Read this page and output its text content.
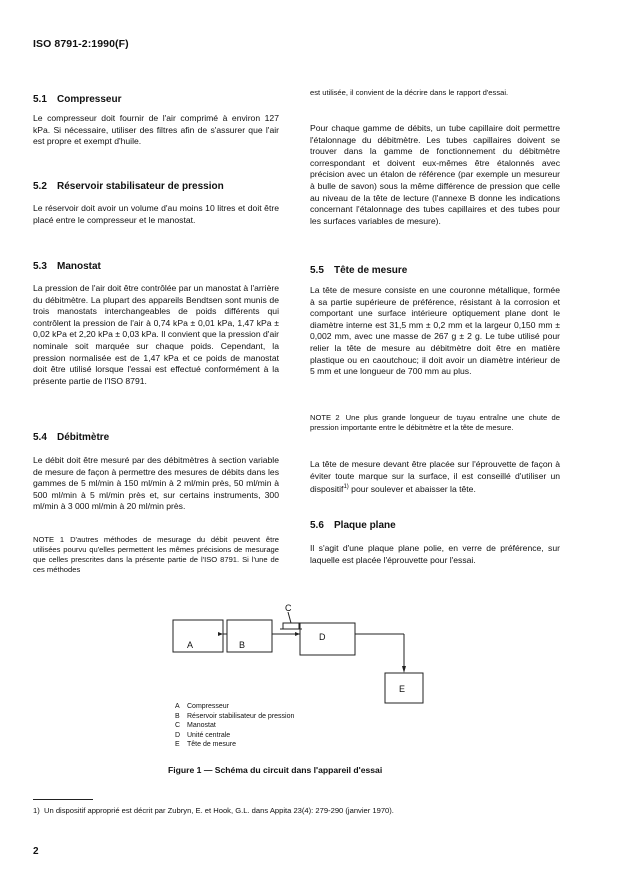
ISO 8791-2:1990(F)
5.1 Compresseur
Le compresseur doit fournir de l'air comprimé à environ 127 kPa. Si nécessaire, utiliser des filtres afin de s'assurer que l'air est propre et exempt d'huile.
5.2 Réservoir stabilisateur de pression
Le réservoir doit avoir un volume d'au moins 10 litres et doit être placé entre le compresseur et le manostat.
5.3 Manostat
La pression de l'air doit être contrôlée par un manostat à l'arrière du débitmètre. La plupart des appareils Bendtsen sont munis de trois manostats interchangeables de poids différents qui contrôlent la pression de l'air à 0,74 kPa ± 0,01 kPa, 1,47 kPa ± 0,02 kPa et 2,20 kPa ± 0,03 kPa. Il convient que la pression d'air nominale soit marquée sur chaque poids. Cependant, la pression normalisée est de 1,47 kPa et ce poids de manostat doit être utilisé lorsque l'essai est effectué conformément à la présente partie de l'ISO 8791.
5.4 Débitmètre
Le débit doit être mesuré par des débitmètres à section variable de mesure de façon à permettre des mesures de débits dans les gammes de 5 ml/min à 150 ml/min à 2 ml/min près, 50 ml/min à 500 ml/min à 5 ml/min près et, sur certains instruments, 300 ml/min à 3 000 ml/min à 20 ml/min près.
NOTE 1 D'autres méthodes de mesurage du débit peuvent être utilisées pourvu qu'elles permettent les mêmes précisions de mesurage que celles prescrites dans la présente partie de l'ISO 8791. Si l'une de ces méthodes
est utilisée, il convient de la décrire dans le rapport d'essai.
Pour chaque gamme de débits, un tube capillaire doit permettre l'étalonnage du débitmètre. Les tubes capillaires doivent se trouver dans la gamme de fonctionnement du débitmètre correspondant et doivent eux-mêmes être étalonnés avec précision avec un étalon de référence (par exemple un mesureur à bulle de savon) sous la même différence de pression que celle au niveau de la tête de lecture (l'annexe B donne les indications concernant l'étalonnage des tubes capillaires et des tubes pour les surfaces variables de mesure).
5.5 Tête de mesure
La tête de mesure consiste en une couronne métallique, formée à sa partie supérieure de préférence, résistant à la corrosion et comportant une surface intérieure optiquement plane dont le diamètre interne est 31,5 mm ± 0,2 mm et la largeur 0,150 mm ± 0,002 mm, avec une masse de 267 g ± 2 g. Le tube utilisé pour relier la tête de mesure au débitmètre doit être en matière plastique ou en caoutchouc; il doit avoir un diamètre intérieur de 5 mm et une longueur de 700 mm au plus.
NOTE 2 Une plus grande longueur de tuyau entraîne une chute de pression importante entre le débitmètre et la tête de mesure.
La tête de mesure devant être placée sur l'éprouvette de façon à éviter toute marque sur la surface, il est conseillé d'utiliser un dispositif$^{1)}$ pour soulever et abaisser la tête.
5.6 Plaque plane
Il s'agit d'une plaque plane polie, en verre de préférence, sur laquelle est placée l'éprouvette pour l'essai.
A	B
C
D
E
A Compresseur
B Réservoir stabilisateur de pression
C Manostat
D Unité centrale
E Tête de mesure
Figure 1 — Schéma du circuit dans l'appareil d'essai
1) Un dispositif approprié est décrit par Zubryn, E. et Hook, G.L. dans Appita 23(4): 279-290 (janvier 1970).
2
